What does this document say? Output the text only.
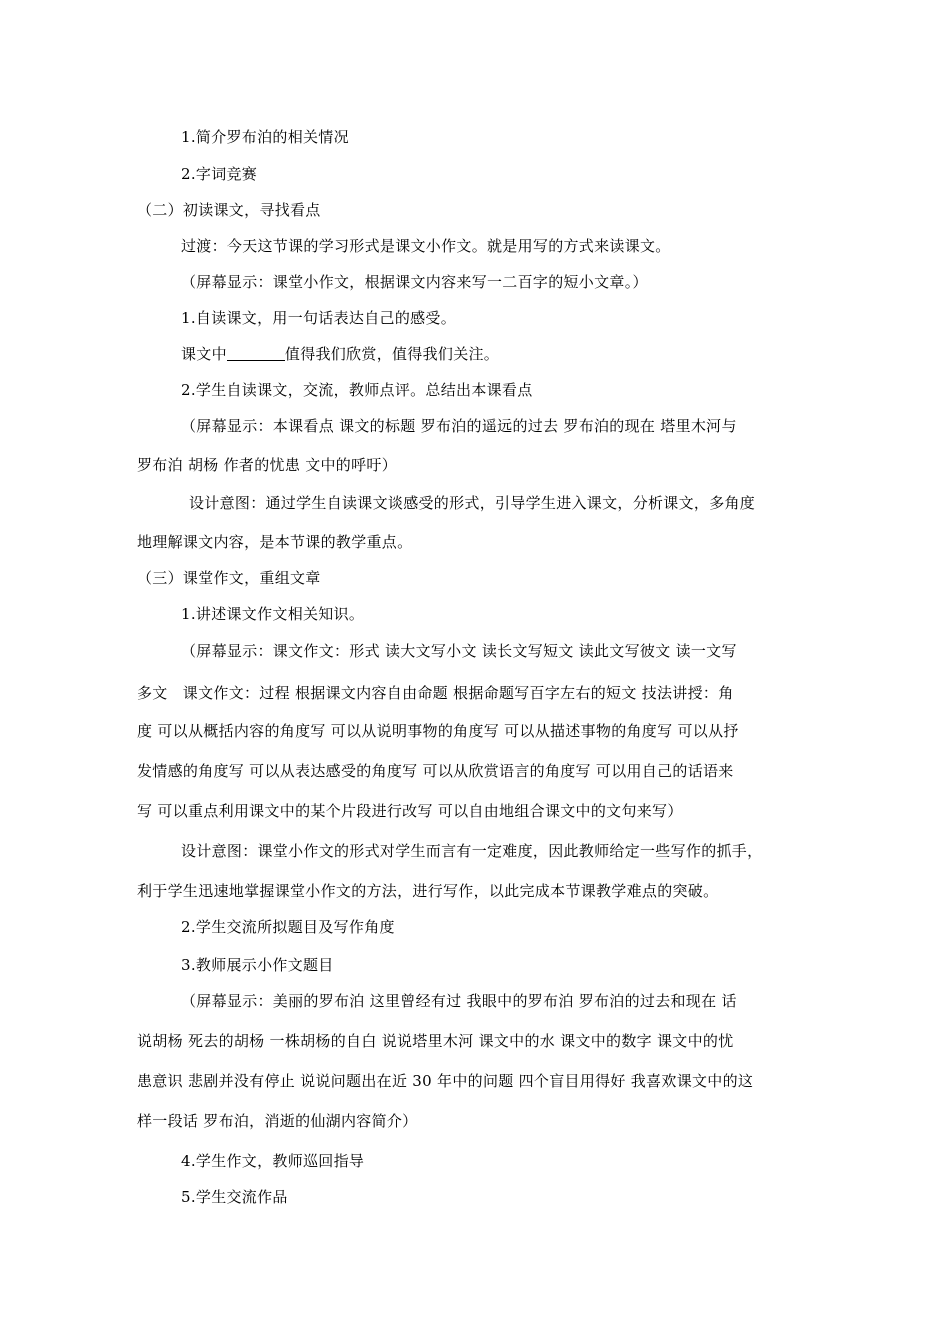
1.简介罗布泊的相关情况
2.字词竞赛
（二）初读课文，寻找看点
过渡：今天这节课的学习形式是课文小作文。就是用写的方式来读课文。
（屏幕显示：课堂小作文，根据课文内容来写一二百字的短小文章。）
1.自读课文，用一句话表达自己的感受。
课文中	值得我们欣赏，值得我们关注。
2.学生自读课文，交流，教师点评。总结出本课看点
（屏幕显示：本课看点 课文的标题 罗布泊的遥远的过去 罗布泊的现在 塔里木河与
罗布泊 胡杨 作者的忧患 文中的呼吁）
设计意图：通过学生自读课文谈感受的形式，引导学生进入课文，分析课文，多角度
地理解课文内容，是本节课的教学重点。
（三）课堂作文，重组文章
1.讲述课文作文相关知识。
（屏幕显示：课文作文：形式 读大文写小文 读长文写短文 读此文写彼文 读一文写
多文   课文作文：过程 根据课文内容自由命题 根据命题写百字左右的短文 技法讲授：角
度 可以从概括内容的角度写 可以从说明事物的角度写 可以从描述事物的角度写 可以从抒
发情感的角度写 可以从表达感受的角度写 可以从欣赏语言的角度写 可以用自己的话语来
写 可以重点利用课文中的某个片段进行改写 可以自由地组合课文中的文句来写）
设计意图：课堂小作文的形式对学生而言有一定难度，因此教师给定一些写作的抓手，
利于学生迅速地掌握课堂小作文的方法，进行写作，以此完成本节课教学难点的突破。
2.学生交流所拟题目及写作角度
3.教师展示小作文题目
（屏幕显示：美丽的罗布泊 这里曾经有过 我眼中的罗布泊 罗布泊的过去和现在 话
说胡杨 死去的胡杨 一株胡杨的自白 说说塔里木河 课文中的水 课文中的数字 课文中的忧
患意识 悲剧并没有停止 说说问题出在近 30 年中的问题 四个盲目用得好 我喜欢课文中的这
样一段话 罗布泊，消逝的仙湖内容简介）
4.学生作文，教师巡回指导
5.学生交流作品
